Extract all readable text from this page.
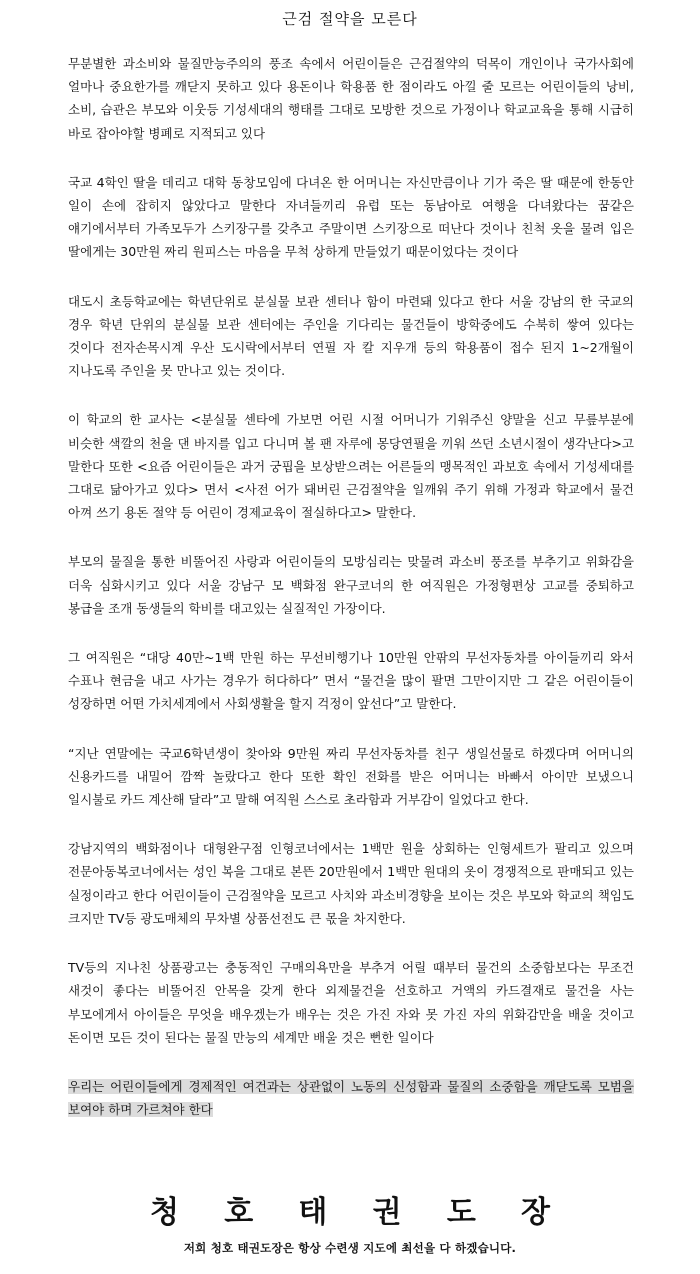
근검 절약을 모른다

무분별한 과소비와 물질만능주의의 풍조 속에서 어린이들은 근검절약의 덕목이 개인이나 국가사회에 얼마나 중요한가를 깨닫지 못하고 있다 용돈이나 학용품 한 점이라도 아낄 줄 모르는 어린이들의 낭비, 소비, 습관은 부모와 이웃등 기성세대의 행태를 그대로 모방한 것으로 가정이나 학교교육을 통해 시급히 바로 잡아야할 병폐로 지적되고 있다

국교 4학인 딸을 데리고 대학 동창모임에 다녀온 한 어머니는 자신만큼이나 기가 죽은 딸 때문에 한동안 일이 손에 잡히지 않았다고 말한다 자녀들끼리 유럽 또는 동남아로 여행을 다녀왔다는 꿈같은 얘기에서부터 가족모두가 스키장구를 갖추고 주말이면 스키장으로 떠난다 것이나 친척 옷을 물려 입은 딸에게는 30만원 짜리 원피스는 마음을 무척 상하게 만들었기 때문이었다는 것이다

대도시 초등학교에는 학년단위로 분실물 보관 센터나 함이 마련돼 있다고 한다 서울 강남의 한 국교의 경우 학년 단위의 분실물 보관 센터에는 주인을 기다리는 물건들이 방학중에도 수북히 쌓여 있다는 것이다 전자손목시계 우산 도시락에서부터 연필 자 칼 지우개 등의 학용품이 접수 된지 1~2개월이 지나도록 주인을 못 만나고 있는 것이다.

이 학교의 한 교사는 <분실물 센타에 가보면 어린 시절 어머니가 기워주신 양말을 신고 무릎부분에 비슷한 색깔의 천을 댄 바지를 입고 다니며 볼 팬 자루에 몽당연필을 끼워 쓰던 소년시절이 생각난다>고 말한다 또한 <요즘 어린이들은 과거 궁핍을 보상받으려는 어른들의 맹목적인 과보호 속에서 기성세대를 그대로 닮아가고 있다> 면서 <사전 어가 돼버린 근검절약을 일깨워 주기 위해 가정과 학교에서 물건 아껴 쓰기 용돈 절약 등 어린이 경제교육이 절실하다고> 말한다.

부모의 물질을 통한 비뚤어진 사랑과 어린이들의 모방심리는 맞물려 과소비 풍조를 부추기고 위화감을 더욱 심화시키고 있다 서울 강남구 모 백화점 완구코너의 한 여직원은 가정형편상 고교를 중퇴하고 봉급을 조개 동생들의 학비를 대고있는 실질적인 가장이다.

그 여직원은 “대당 40만~1백 만원 하는 무선비행기나 10만원 안팎의 무선자동차를 아이들끼리 와서 수표나 현금을 내고 사가는 경우가 허다하다” 면서 “물건을 많이 팔면 그만이지만 그 같은 어린이들이 성장하면 어떤 가치세계에서 사회생활을 할지 걱정이 앞선다”고 말한다.

“지난 연말에는 국교6학년생이 찾아와 9만원 짜리 무선자동차를 친구 생일선물로 하겠다며 어머니의 신용카드를 내밀어 깜짝 놀랐다고 한다 또한 확인 전화를 받은 어머니는 바빠서 아이만 보냈으니 일시불로 카드 계산해 달라”고 말해 여직원 스스로 초라함과 거부감이 일었다고 한다.

강남지역의 백화점이나 대형완구점 인형코너에서는 1백만 원을 상회하는 인형세트가 팔리고 있으며 전문아동복코너에서는 성인 복을 그대로 본뜬 20만원에서 1백만 원대의 옷이 경쟁적으로 판매되고 있는 실정이라고 한다 어린이들이 근검절약을 모르고 사치와 과소비경향을 보이는 것은 부모와 학교의 책임도 크지만 TV등 광도매체의 무차별 상품선전도 큰 몫을 차지한다.

TV등의 지나친 상품광고는 충동적인 구매의욕만을 부추겨 어릴 때부터 물건의 소중함보다는 무조건 새것이 좋다는 비뚤어진 안목을 갖게 한다 외제물건을 선호하고 거액의 카드결재로 물건을 사는 부모에게서 아이들은 무엇을 배우겠는가 배우는 것은 가진 자와 못 가진 자의 위화감만을 배울 것이고 돈이면 모든 것이 된다는 물질 만능의 세계만 배울 것은 뻔한 일이다

우리는 어린이들에게 경제적인 여건과는 상관없이 노동의 신성함과 물질의 소중함을 깨닫도록 모범을 보여야 하며 가르쳐야 한다

청 호 태 권 도 장
저희 청호 태권도장은 항상 수련생 지도에 최선을 다 하겠습니다.
